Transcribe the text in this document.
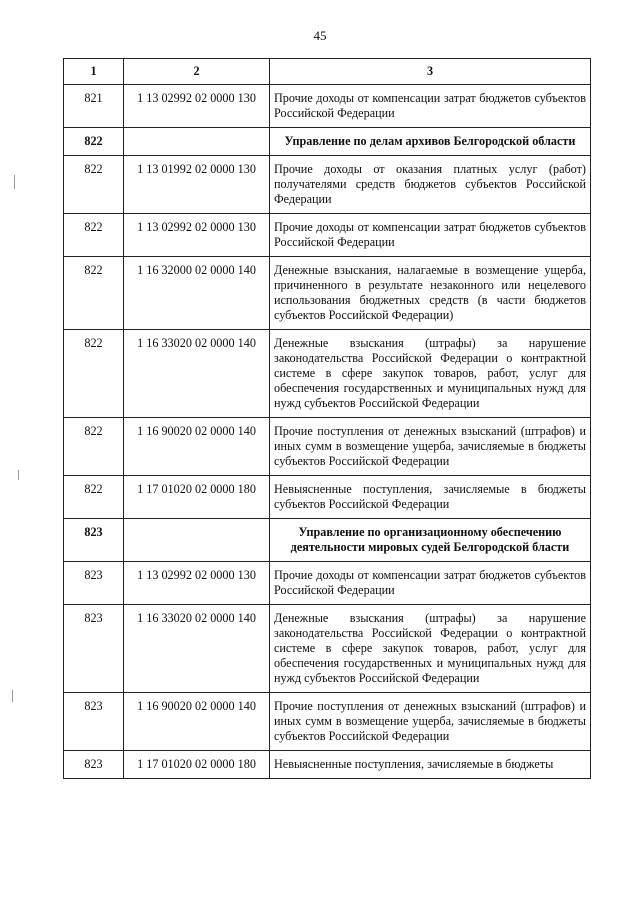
45
1	2	3
821	1 13 02992 02 0000 130	Прочие доходы от компенсации затрат бюджетов субъектов Российской Федерации
822		Управление по делам архивов Белгородской области
822	1 13 01992 02 0000 130	Прочие доходы от оказания платных услуг (работ) получателями средств бюджетов субъектов Российской Федерации
822	1 13 02992 02 0000 130	Прочие доходы от компенсации затрат бюджетов субъектов Российской Федерации
822	1 16 32000 02 0000 140	Денежные взыскания, налагаемые в возмещение ущерба, причиненного в результате незаконного или нецелевого использования бюджетных средств (в части бюджетов субъектов Российской Федерации)
822	1 16 33020 02 0000 140	Денежные взыскания (штрафы) за нарушение законодательства Российской Федерации о контрактной системе в сфере закупок товаров, работ, услуг для обеспечения государственных и муниципальных нужд для нужд субъектов Российской Федерации
822	1 16 90020 02 0000 140	Прочие поступления от денежных взысканий (штрафов) и иных сумм в возмещение ущерба, зачисляемые в бюджеты субъектов Российской Федерации
822	1 17 01020 02 0000 180	Невыясненные поступления, зачисляемые в бюджеты субъектов Российской Федерации
823		Управление по организационному обеспечению деятельности мировых судей Белгородской бласти
823	1 13 02992 02 0000 130	Прочие доходы от компенсации затрат бюджетов субъектов Российской Федерации
823	1 16 33020 02 0000 140	Денежные взыскания (штрафы) за нарушение законодательства Российской Федерации о контрактной системе в сфере закупок товаров, работ, услуг для обеспечения государственных и муниципальных нужд для нужд субъектов Российской Федерации
823	1 16 90020 02 0000 140	Прочие поступления от денежных взысканий (штрафов) и иных сумм в возмещение ущерба, зачисляемые в бюджеты субъектов Российской Федерации
823	1 17 01020 02 0000 180	Невыясненные поступления, зачисляемые в бюджеты
